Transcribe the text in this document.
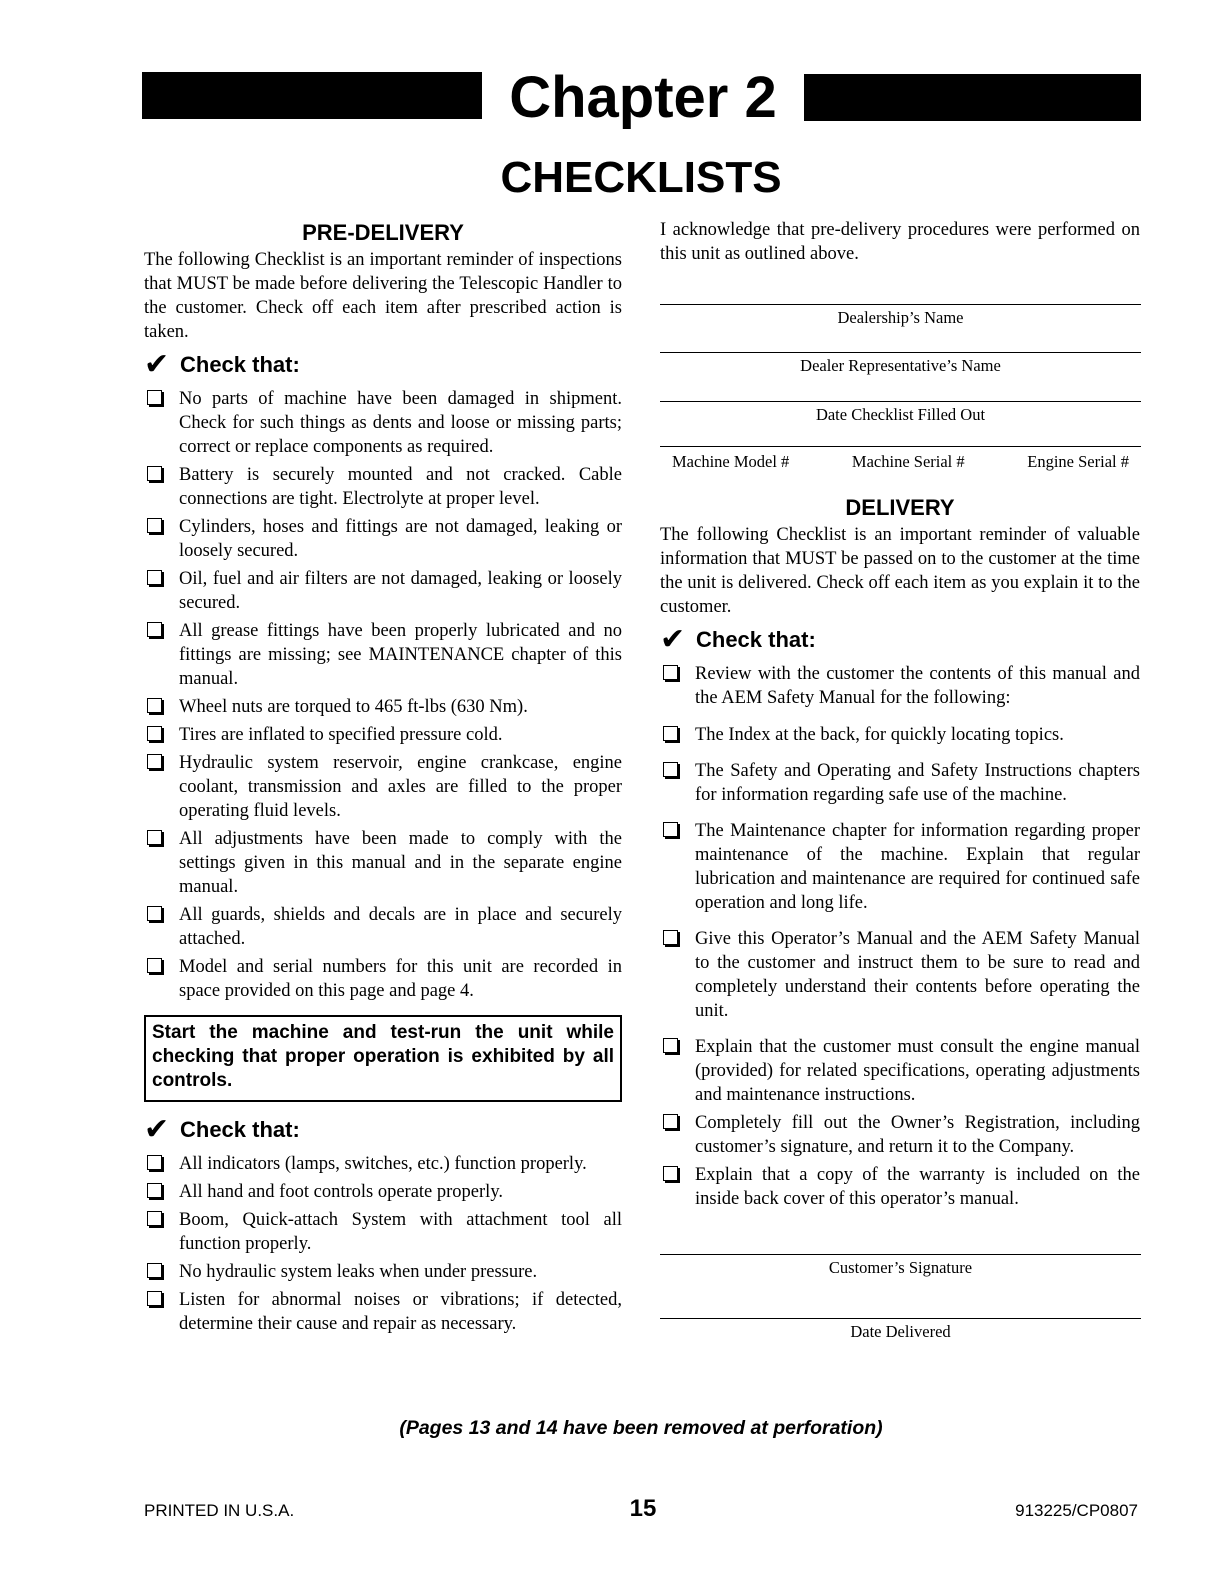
Chapter 2
CHECKLISTS
PRE-DELIVERY

The following Checklist is an important reminder of inspections that MUST be made before delivering the Telescopic Handler to the customer. Check off each item after prescribed action is taken.

✔ Check that:
No parts of machine have been damaged in shipment. Check for such things as dents and loose or missing parts; correct or replace components as required.
Battery is securely mounted and not cracked. Cable connections are tight. Electrolyte at proper level.
Cylinders, hoses and fittings are not damaged, leaking or loosely secured.
Oil, fuel and air filters are not damaged, leaking or loosely secured.
All grease fittings have been properly lubricated and no fittings are missing; see MAINTENANCE chapter of this manual.
Wheel nuts are torqued to 465 ft-lbs (630 Nm).
Tires are inflated to specified pressure cold.
Hydraulic system reservoir, engine crankcase, engine coolant, transmission and axles are filled to the proper operating fluid levels.
All adjustments have been made to comply with the settings given in this manual and in the separate engine manual.
All guards, shields and decals are in place and securely attached.
Model and serial numbers for this unit are recorded in space provided on this page and page 4.
Start the machine and test-run the unit while checking that proper operation is exhibited by all controls.
✔ Check that:
All indicators (lamps, switches, etc.) function properly.
All hand and foot controls operate properly.
Boom, Quick-attach System with attachment tool all function properly.
No hydraulic system leaks when under pressure.
Listen for abnormal noises or vibrations; if detected, determine their cause and repair as necessary.

I acknowledge that pre-delivery procedures were performed on this unit as outlined above.

Dealership’s Name
Dealer Representative’s Name
Date Checklist Filled Out
Machine Model #	Machine Serial #	Engine Serial #
DELIVERY

The following Checklist is an important reminder of valuable information that MUST be passed on to the customer at the time the unit is delivered. Check off each item as you explain it to the customer.

✔ Check that:
Review with the customer the contents of this manual and the AEM Safety Manual for the following:
The Index at the back, for quickly locating topics.
The Safety and Operating and Safety Instructions chapters for information regarding safe use of the machine.
The Maintenance chapter for information regarding proper maintenance of the machine. Explain that regular lubrication and maintenance are required for continued safe operation and long life.
Give this Operator’s Manual and the AEM Safety Manual to the customer and instruct them to be sure to read and completely understand their contents before operating the unit.
Explain that the customer must consult the engine manual (provided) for related specifications, operating adjustments and maintenance instructions.
Completely fill out the Owner’s Registration, including customer’s signature, and return it to the Company.
Explain that a copy of the warranty is included on the inside back cover of this operator’s manual.
Customer’s Signature
Date Delivered
(Pages 13 and 14 have been removed at perforation)
PRINTED IN U.S.A.	15	913225/CP0807
